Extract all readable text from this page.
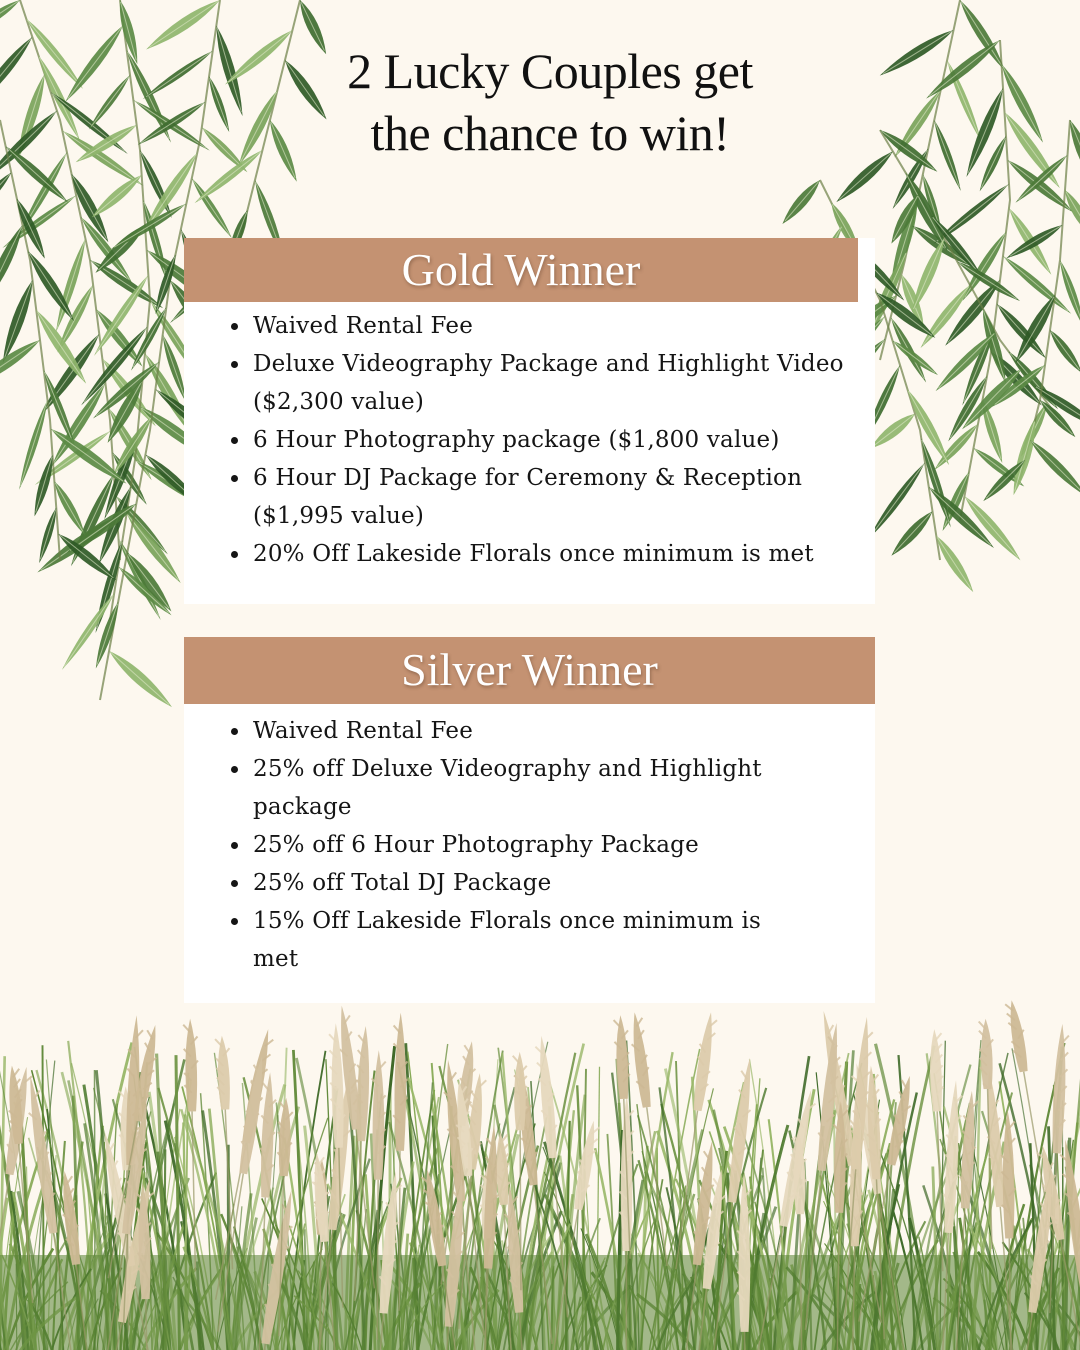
2 Lucky Couples get
the chance to win!
Gold Winner
• Waived Rental Fee
• Deluxe Videography Package and Highlight Video ($2,300 value)
• 6 Hour Photography package ($1,800 value)
• 6 Hour DJ Package for Ceremony & Reception ($1,995 value)
• 20% Off Lakeside Florals once minimum is met
Silver Winner
• Waived Rental Fee
• 25% off Deluxe Videography and Highlight package
• 25% off 6 Hour Photography Package
• 25% off Total DJ Package
• 15% Off Lakeside Florals once minimum is met
